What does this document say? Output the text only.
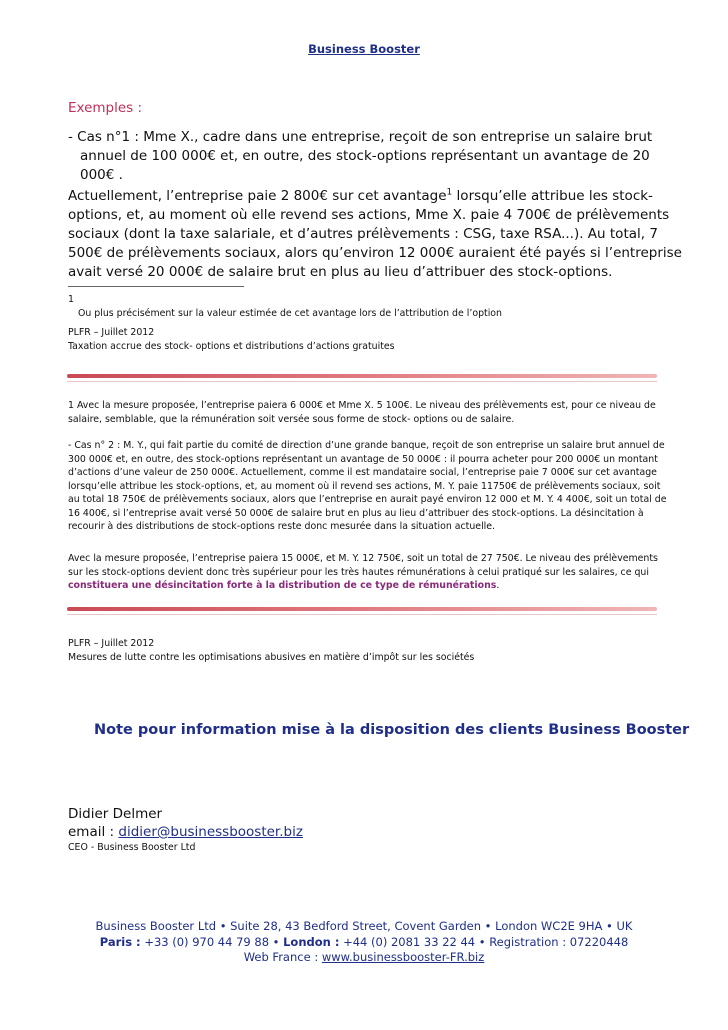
Business Booster
Exemples :
- Cas n°1 : Mme X., cadre dans une entreprise, reçoit de son entreprise un salaire brut
annuel de 100 000€ et, en outre, des stock-options représentant un avantage de 20
000€ .
Actuellement, l’entreprise paie 2 800€ sur cet avantage$^1$ lorsqu’elle attribue les stock-
options, et, au moment où elle revend ses actions, Mme X. paie 4 700€ de prélèvements
sociaux (dont la taxe salariale, et d’autres prélèvements : CSG, taxe RSA...). Au total, 7
500€ de prélèvements sociaux, alors qu’environ 12 000€ auraient été payés si l’entreprise
avait versé 20 000€ de salaire brut en plus au lieu d’attribuer des stock-options.
1
Ou plus précisément sur la valeur estimée de cet avantage lors de l’attribution de l’option
PLFR – Juillet 2012
Taxation accrue des stock- options et distributions d’actions gratuites
1 Avec la mesure proposée, l’entreprise paiera 6 000€ et Mme X. 5 100€. Le niveau des prélèvements est, pour ce niveau de salaire, semblable, que la rémunération soit versée sous forme de stock- options ou de salaire.
- Cas n° 2 : M. Y., qui fait partie du comité de direction d’une grande banque, reçoit de son entreprise un salaire brut annuel de 300 000€ et, en outre, des stock-options représentant un avantage de 50 000€ : il pourra acheter pour 200 000€ un montant d’actions d’une valeur de 250 000€. Actuellement, comme il est mandataire social, l’entreprise paie 7 000€ sur cet avantage lorsqu’elle attribue les stock-options, et, au moment où il revend ses actions, M. Y. paie 11750€ de prélèvements sociaux, soit au total 18 750€ de prélèvements sociaux, alors que l’entreprise en aurait payé environ 12 000 et M. Y. 4 400€, soit un total de 16 400€, si l’entreprise avait versé 50 000€ de salaire brut en plus au lieu d’attribuer des stock-options. La désincitation à recourir à des distributions de stock-options reste donc mesurée dans la situation actuelle.
Avec la mesure proposée, l’entreprise paiera 15 000€, et M. Y. 12 750€, soit un total de 27 750€. Le niveau des prélèvements sur les stock-options devient donc très supérieur pour les très hautes rémunérations à celui pratiqué sur les salaires, ce qui constituera une désincitation forte à la distribution de ce type de rémunérations.
PLFR – Juillet 2012
Mesures de lutte contre les optimisations abusives en matière d’impôt sur les sociétés
Note pour information mise à la disposition des clients Business Booster
Didier Delmer
email : didier@businessbooster.biz
CEO - Business Booster Ltd
Business Booster Ltd • Suite 28, 43 Bedford Street, Covent Garden • London WC2E 9HA • UK
Paris : +33 (0) 970 44 79 88 • London : +44 (0) 2081 33 22 44 • Registration : 07220448
Web France : www.businessbooster-FR.biz
